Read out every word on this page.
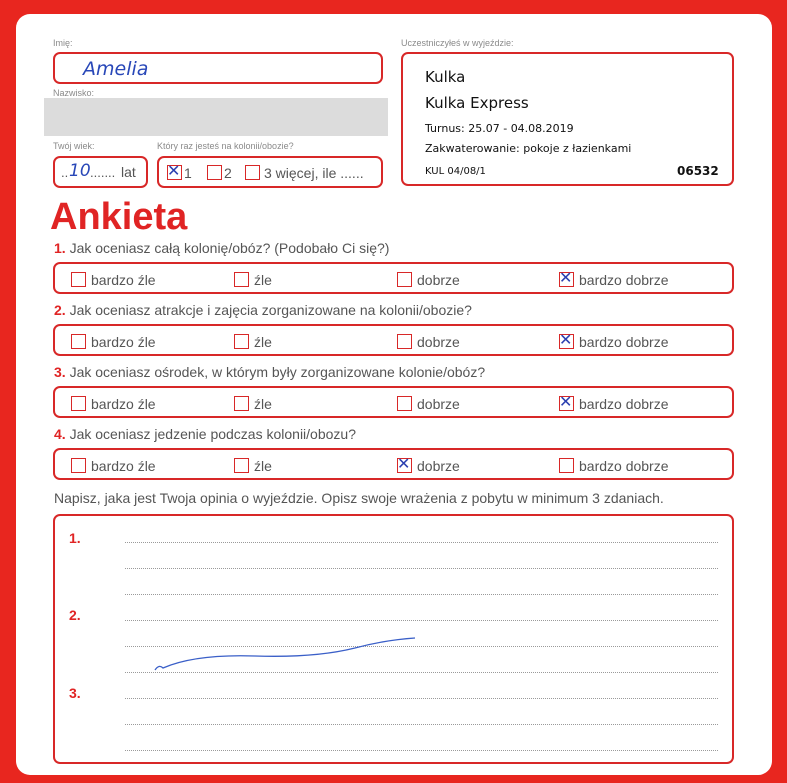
Imię:
Amelia
Nazwisko:
Twój wiek:
.. 10 ....... lat
Który raz jesteś na kolonii/obozie?
✕ 1	2	3 więcej, ile ......
Uczestniczyłeś w wyjeździe:
Kulka
Kulka Express
Turnus: 25.07 - 04.08.2019
Zakwaterowanie: pokoje z łazienkami
KUL 04/08/1	06532
Ankieta
1. Jak oceniasz całą kolonię/obóz? (Podobało Ci się?)
bardzo źle	źle	dobrze	✕ bardzo dobrze
2. Jak oceniasz atrakcje i zajęcia zorganizowane na kolonii/obozie?
bardzo źle	źle	dobrze	✕ bardzo dobrze
3. Jak oceniasz ośrodek, w którym były zorganizowane kolonie/obóz?
bardzo źle	źle	dobrze	✕ bardzo dobrze
4. Jak oceniasz jedzenie podczas kolonii/obozu?
bardzo źle	źle	✕ dobrze	bardzo dobrze
Napisz, jaka jest Twoja opinia o wyjeździe. Opisz swoje wrażenia z pobytu w minimum 3 zdaniach.
1.
2.
3.
